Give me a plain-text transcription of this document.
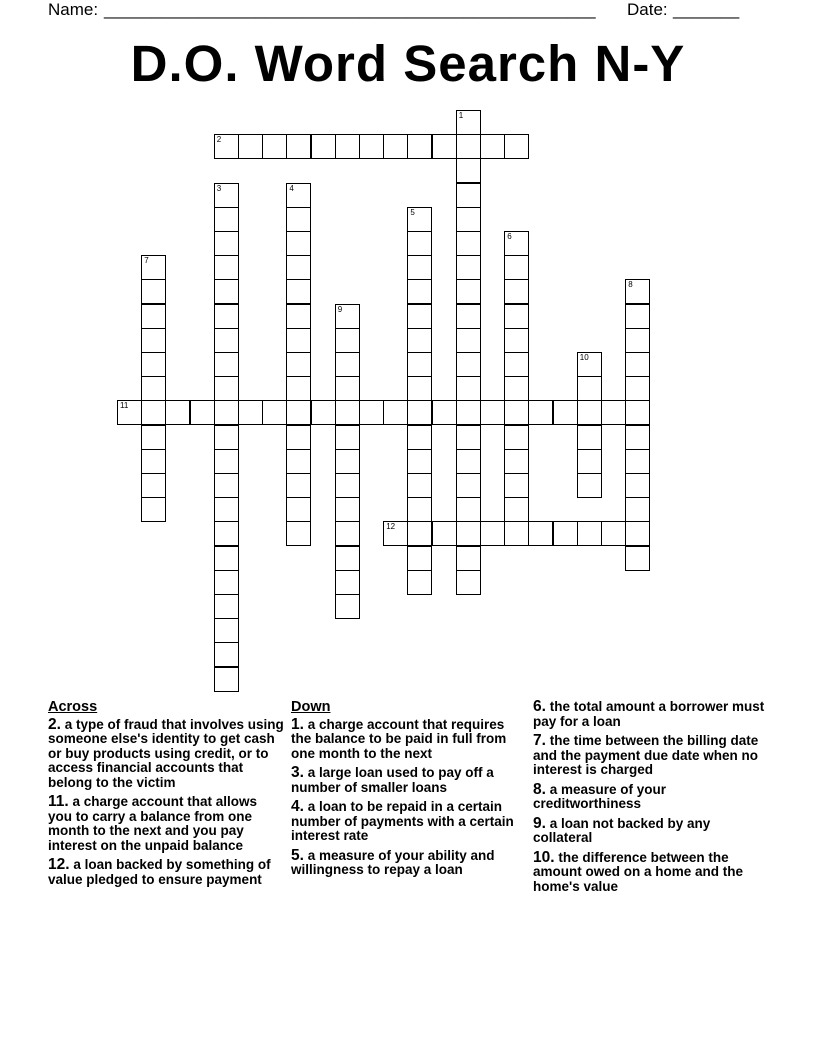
Name: ____________________________________________________ Date: _______
D.O. Word Search N-Y
1
2
3	4
5
6
7
8
9
10
11
12
Across
2. a type of fraud that involves using someone else's identity to get cash or buy products using credit, or to access financial accounts that belong to the victim
11. a charge account that allows you to carry a balance from one month to the next and you pay interest on the unpaid balance
12. a loan backed by something of value pledged to ensure payment
Down
1. a charge account that requires the balance to be paid in full from one month to the next
3. a large loan used to pay off a number of smaller loans
4. a loan to be repaid in a certain number of payments with a certain interest rate
5. a measure of your ability and willingness to repay a loan
6. the total amount a borrower must pay for a loan
7. the time between the billing date and the payment due date when no interest is charged
8. a measure of your creditworthiness
9. a loan not backed by any collateral
10. the difference between the amount owed on a home and the home's value
